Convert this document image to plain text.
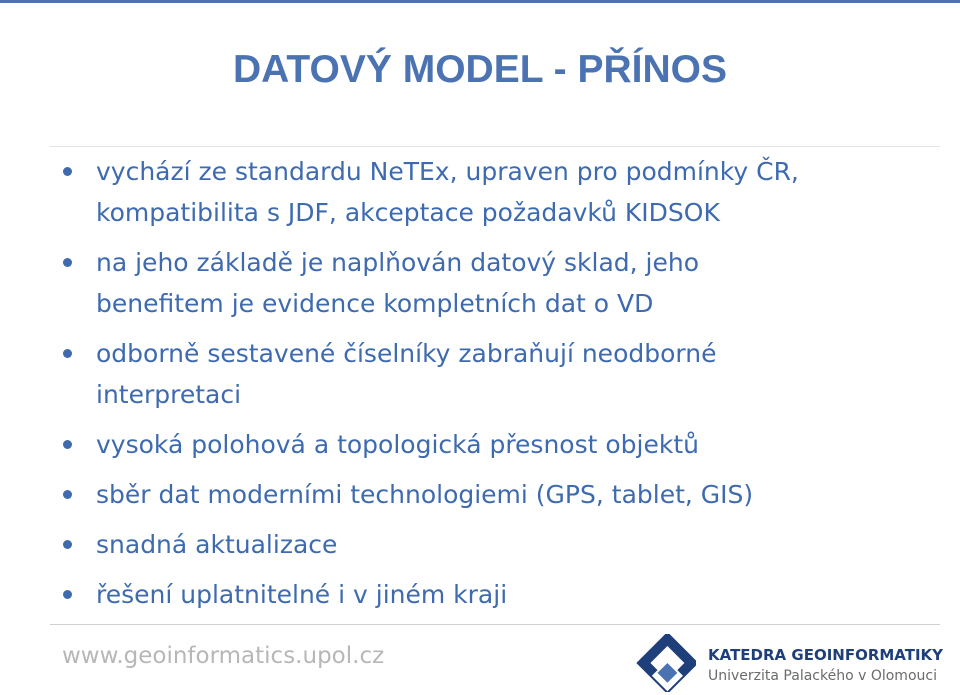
DATOVÝ MODEL - PŘÍNOS
vychází ze standardu NeTEx, upraven pro podmínky ČR,
kompatibilita s JDF, akceptace požadavků KIDSOK
na jeho základě je naplňován datový sklad, jeho
benefitem je evidence kompletních dat o VD
odborně sestavené číselníky zabraňují neodborné
interpretaci
vysoká polohová a topologická přesnost objektů
sběr dat moderními technologiemi (GPS, tablet, GIS)
snadná aktualizace
řešení uplatnitelné i v jiném kraji
www.geoinformatics.upol.cz	KATEDRA GEOINFORMATIKY
Univerzita Palackého v Olomouci
